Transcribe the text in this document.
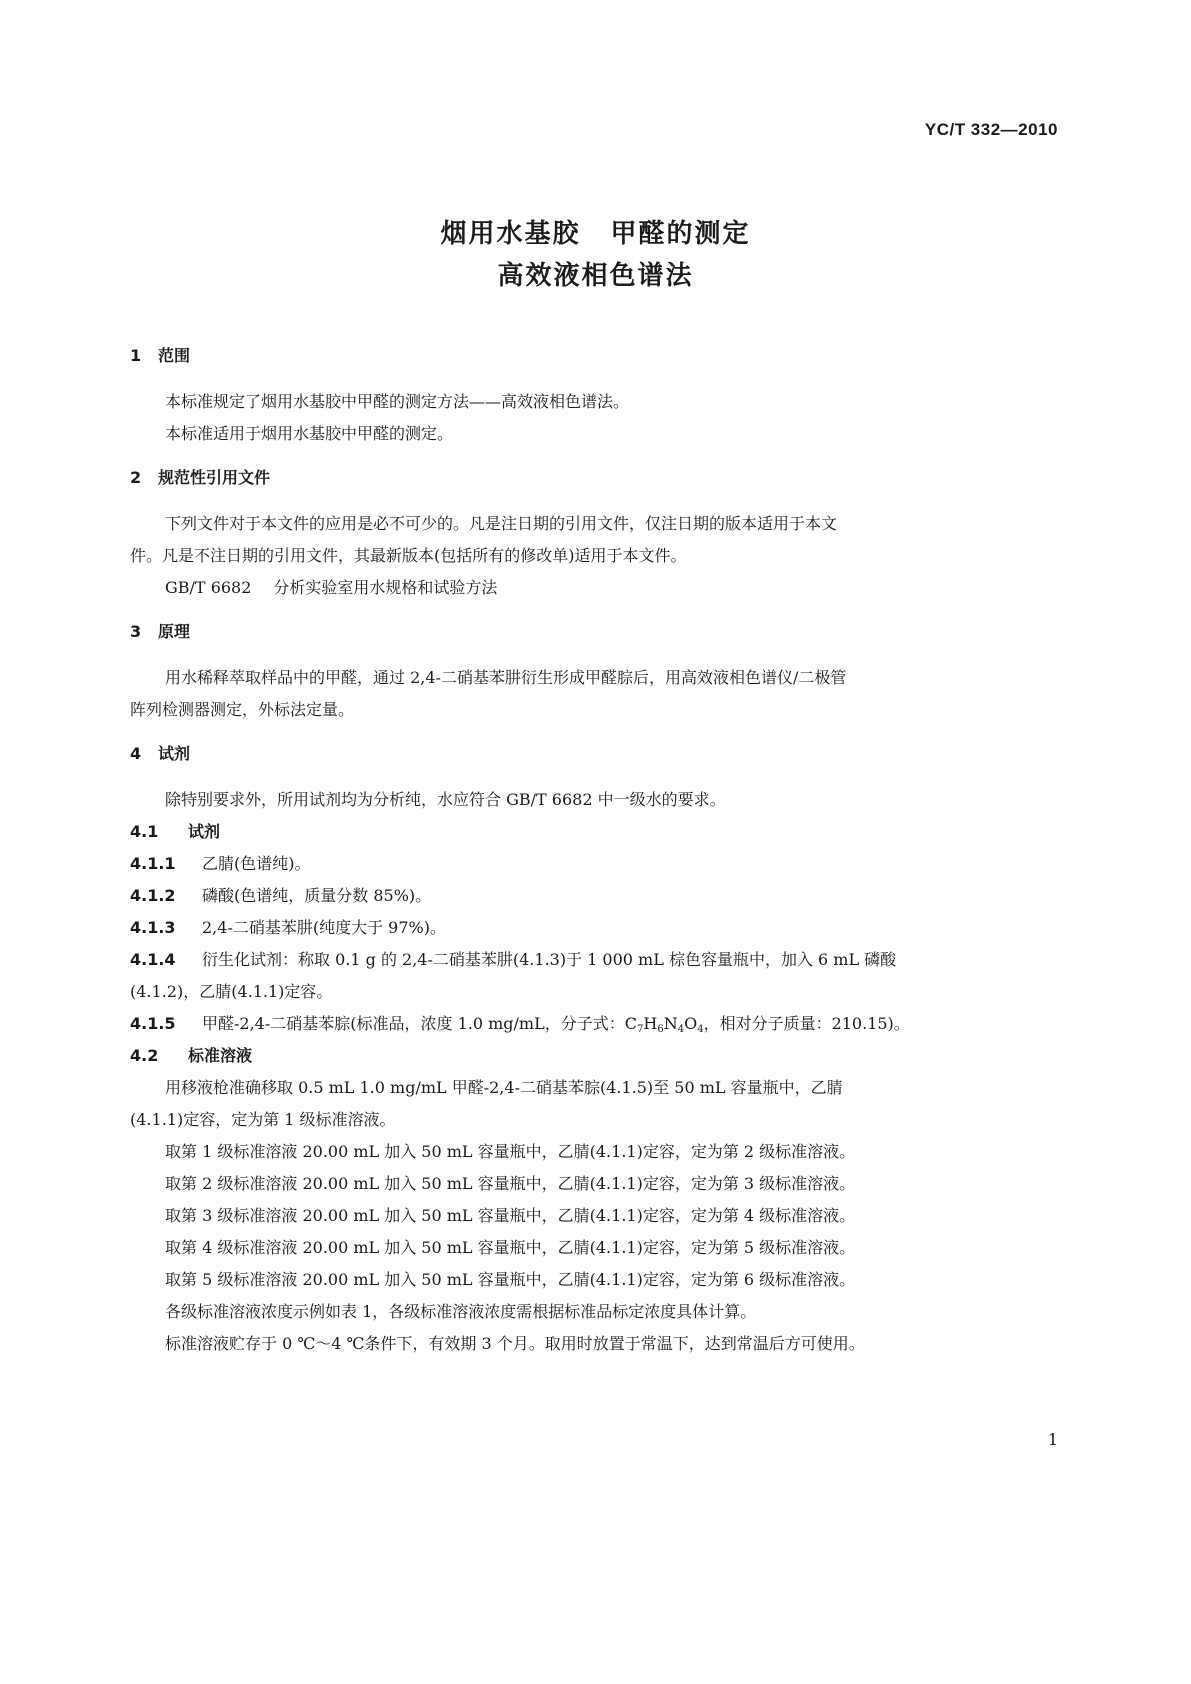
YC/T 332—2010
烟用水基胶 甲醛的测定
高效液相色谱法
1 范围
本标准规定了烟用水基胶中甲醛的测定方法——高效液相色谱法。
本标准适用于烟用水基胶中甲醛的测定。
2 规范性引用文件
下列文件对于本文件的应用是必不可少的。凡是注日期的引用文件，仅注日期的版本适用于本文
件。凡是不注日期的引用文件，其最新版本(包括所有的修改单)适用于本文件。
GB/T 6682 分析实验室用水规格和试验方法
3 原理
用水稀释萃取样品中的甲醛，通过 2,4-二硝基苯肼衍生形成甲醛腙后，用高效液相色谱仪/二极管
阵列检测器测定，外标法定量。
4 试剂
除特别要求外，所用试剂均为分析纯，水应符合 GB/T 6682 中一级水的要求。
4.1 试剂
4.1.1 乙腈(色谱纯)。
4.1.2 磷酸(色谱纯，质量分数 85%)。
4.1.3 2,4-二硝基苯肼(纯度大于 97%)。
4.1.4 衍生化试剂：称取 0.1 g 的 2,4-二硝基苯肼(4.1.3)于 1 000 mL 棕色容量瓶中，加入 6 mL 磷酸
(4.1.2)，乙腈(4.1.1)定容。
4.1.5 甲醛-2,4-二硝基苯腙(标准品，浓度 1.0 mg/mL，分子式：$C_7H_6N_4O_4$，相对分子质量：210.15)。
4.2 标准溶液
用移液枪准确移取 0.5 mL 1.0 mg/mL 甲醛-2,4-二硝基苯腙(4.1.5)至 50 mL 容量瓶中，乙腈
(4.1.1)定容，定为第 1 级标准溶液。
取第 1 级标准溶液 20.00 mL 加入 50 mL 容量瓶中，乙腈(4.1.1)定容，定为第 2 级标准溶液。
取第 2 级标准溶液 20.00 mL 加入 50 mL 容量瓶中，乙腈(4.1.1)定容，定为第 3 级标准溶液。
取第 3 级标准溶液 20.00 mL 加入 50 mL 容量瓶中，乙腈(4.1.1)定容，定为第 4 级标准溶液。
取第 4 级标准溶液 20.00 mL 加入 50 mL 容量瓶中，乙腈(4.1.1)定容，定为第 5 级标准溶液。
取第 5 级标准溶液 20.00 mL 加入 50 mL 容量瓶中，乙腈(4.1.1)定容，定为第 6 级标准溶液。
各级标准溶液浓度示例如表 1，各级标准溶液浓度需根据标准品标定浓度具体计算。
标准溶液贮存于 0 ℃～4 ℃条件下，有效期 3 个月。取用时放置于常温下，达到常温后方可使用。
1
